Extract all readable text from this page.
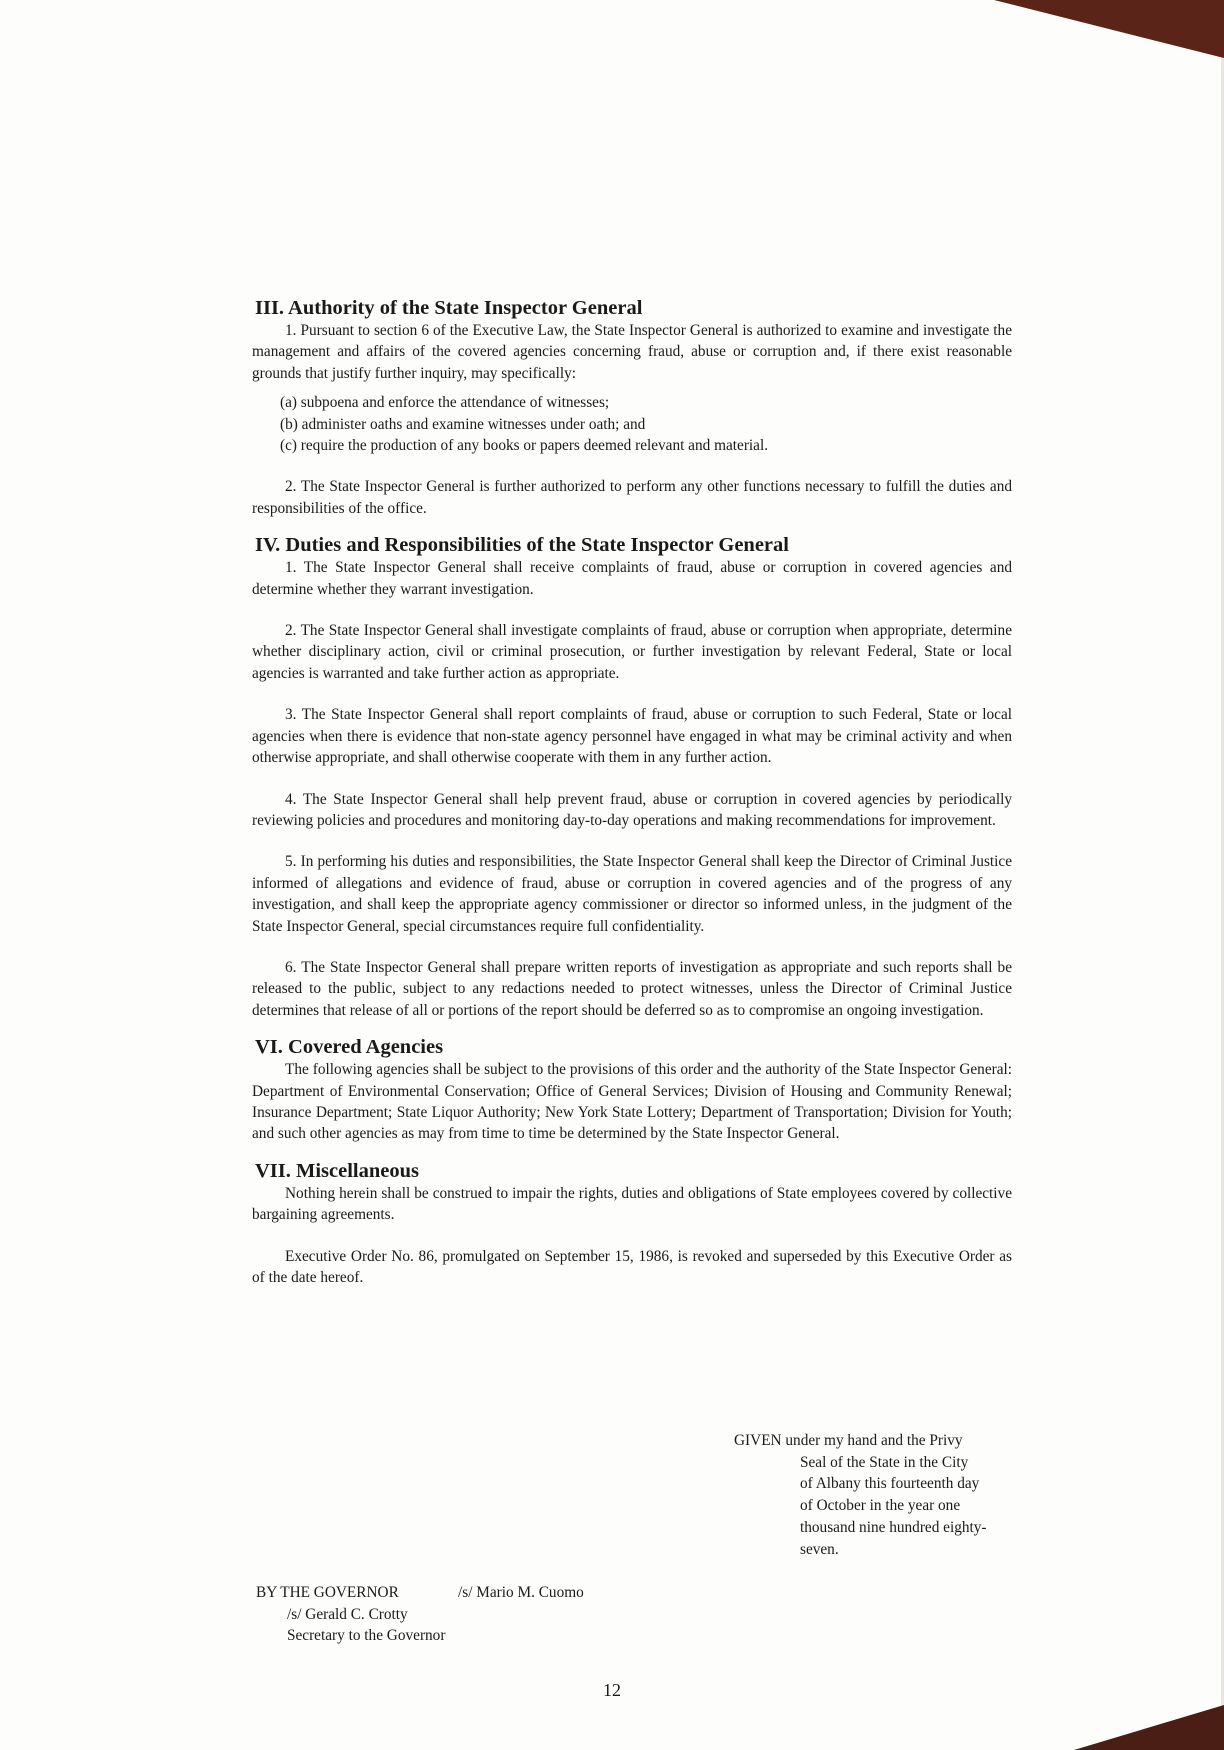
III. Authority of the State Inspector General

1. Pursuant to section 6 of the Executive Law, the State Inspector General is authorized to examine and investigate the management and affairs of the covered agencies concerning fraud, abuse or corruption and, if there exist reasonable grounds that justify further inquiry, may specifically:

(a) subpoena and enforce the attendance of witnesses;
(b) administer oaths and examine witnesses under oath; and
(c) require the production of any books or papers deemed relevant and material.

2. The State Inspector General is further authorized to perform any other functions necessary to fulfill the duties and responsibilities of the office.

IV. Duties and Responsibilities of the State Inspector General

1. The State Inspector General shall receive complaints of fraud, abuse or corruption in covered agencies and determine whether they warrant investigation.

2. The State Inspector General shall investigate complaints of fraud, abuse or corruption when appropriate, determine whether disciplinary action, civil or criminal prosecution, or further investigation by relevant Federal, State or local agencies is warranted and take further action as appropriate.

3. The State Inspector General shall report complaints of fraud, abuse or corruption to such Federal, State or local agencies when there is evidence that non-state agency personnel have engaged in what may be criminal activity and when otherwise appropriate, and shall otherwise cooperate with them in any further action.

4. The State Inspector General shall help prevent fraud, abuse or corruption in covered agencies by periodically reviewing policies and procedures and monitoring day-to-day operations and making recommendations for improvement.

5. In performing his duties and responsibilities, the State Inspector General shall keep the Director of Criminal Justice informed of allegations and evidence of fraud, abuse or corruption in covered agencies and of the progress of any investigation, and shall keep the appropriate agency commissioner or director so informed unless, in the judgment of the State Inspector General, special circumstances require full confidentiality.

6. The State Inspector General shall prepare written reports of investigation as appropriate and such reports shall be released to the public, subject to any redactions needed to protect witnesses, unless the Director of Criminal Justice determines that release of all or portions of the report should be deferred so as to compromise an ongoing investigation.

VI. Covered Agencies

The following agencies shall be subject to the provisions of this order and the authority of the State Inspector General: Department of Environmental Conservation; Office of General Services; Division of Housing and Community Renewal; Insurance Department; State Liquor Authority; New York State Lottery; Department of Transportation; Division for Youth; and such other agencies as may from time to time be determined by the State Inspector General.

VII. Miscellaneous

Nothing herein shall be construed to impair the rights, duties and obligations of State employees covered by collective bargaining agreements.

Executive Order No. 86, promulgated on September 15, 1986, is revoked and superseded by this Executive Order as of the date hereof.

GIVEN under my hand and the Privy
Seal of the State in the City
of Albany this fourteenth day
of October in the year one
thousand nine hundred eighty-
seven.
BY THE GOVERNOR	/s/ Mario M. Cuomo
/s/ Gerald C. Crotty
Secretary to the Governor
12
